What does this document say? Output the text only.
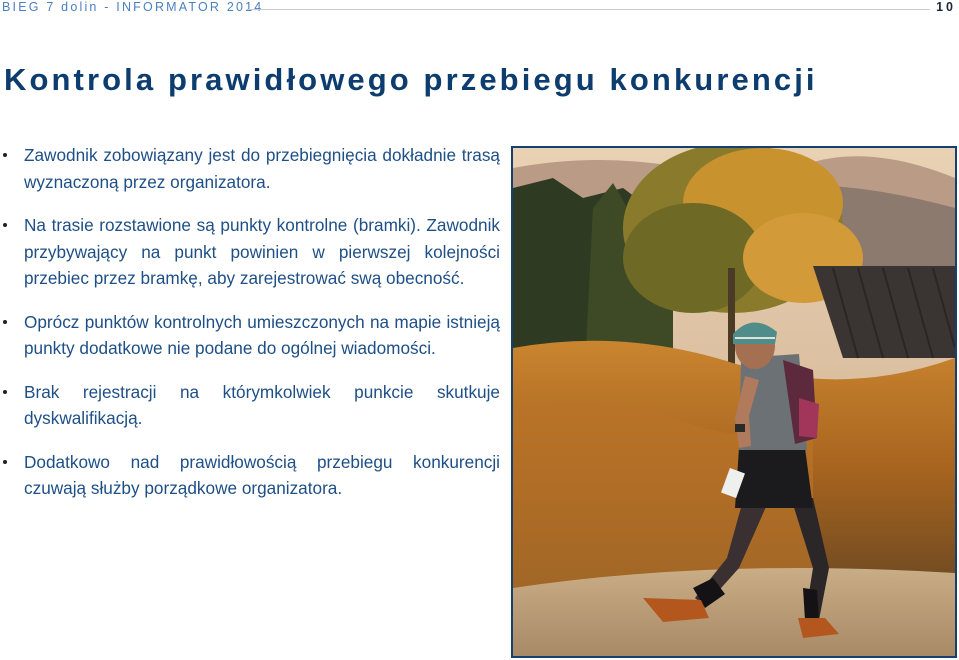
BIEG 7 dolin - INFORMATOR 2014	10
Kontrola prawidłowego przebiegu konkurencji
Zawodnik zobowiązany jest do przebiegnięcia dokładnie trasą wyznaczoną przez organizatora.
Na trasie rozstawione są punkty kontrolne (bramki). Zawodnik przybywający na punkt powinien w pierwszej kolejności przebiec przez bramkę, aby zarejestrować swą obecność.
Oprócz punktów kontrolnych umieszczonych na mapie istnieją punkty dodatkowe nie podane do ogólnej wiadomości.
Brak rejestracji na którymkolwiek punkcie skutkuje dyskwalifikacją.
Dodatkowo nad prawidłowością przebiegu konkurencji czuwają służby porządkowe organizatora.
